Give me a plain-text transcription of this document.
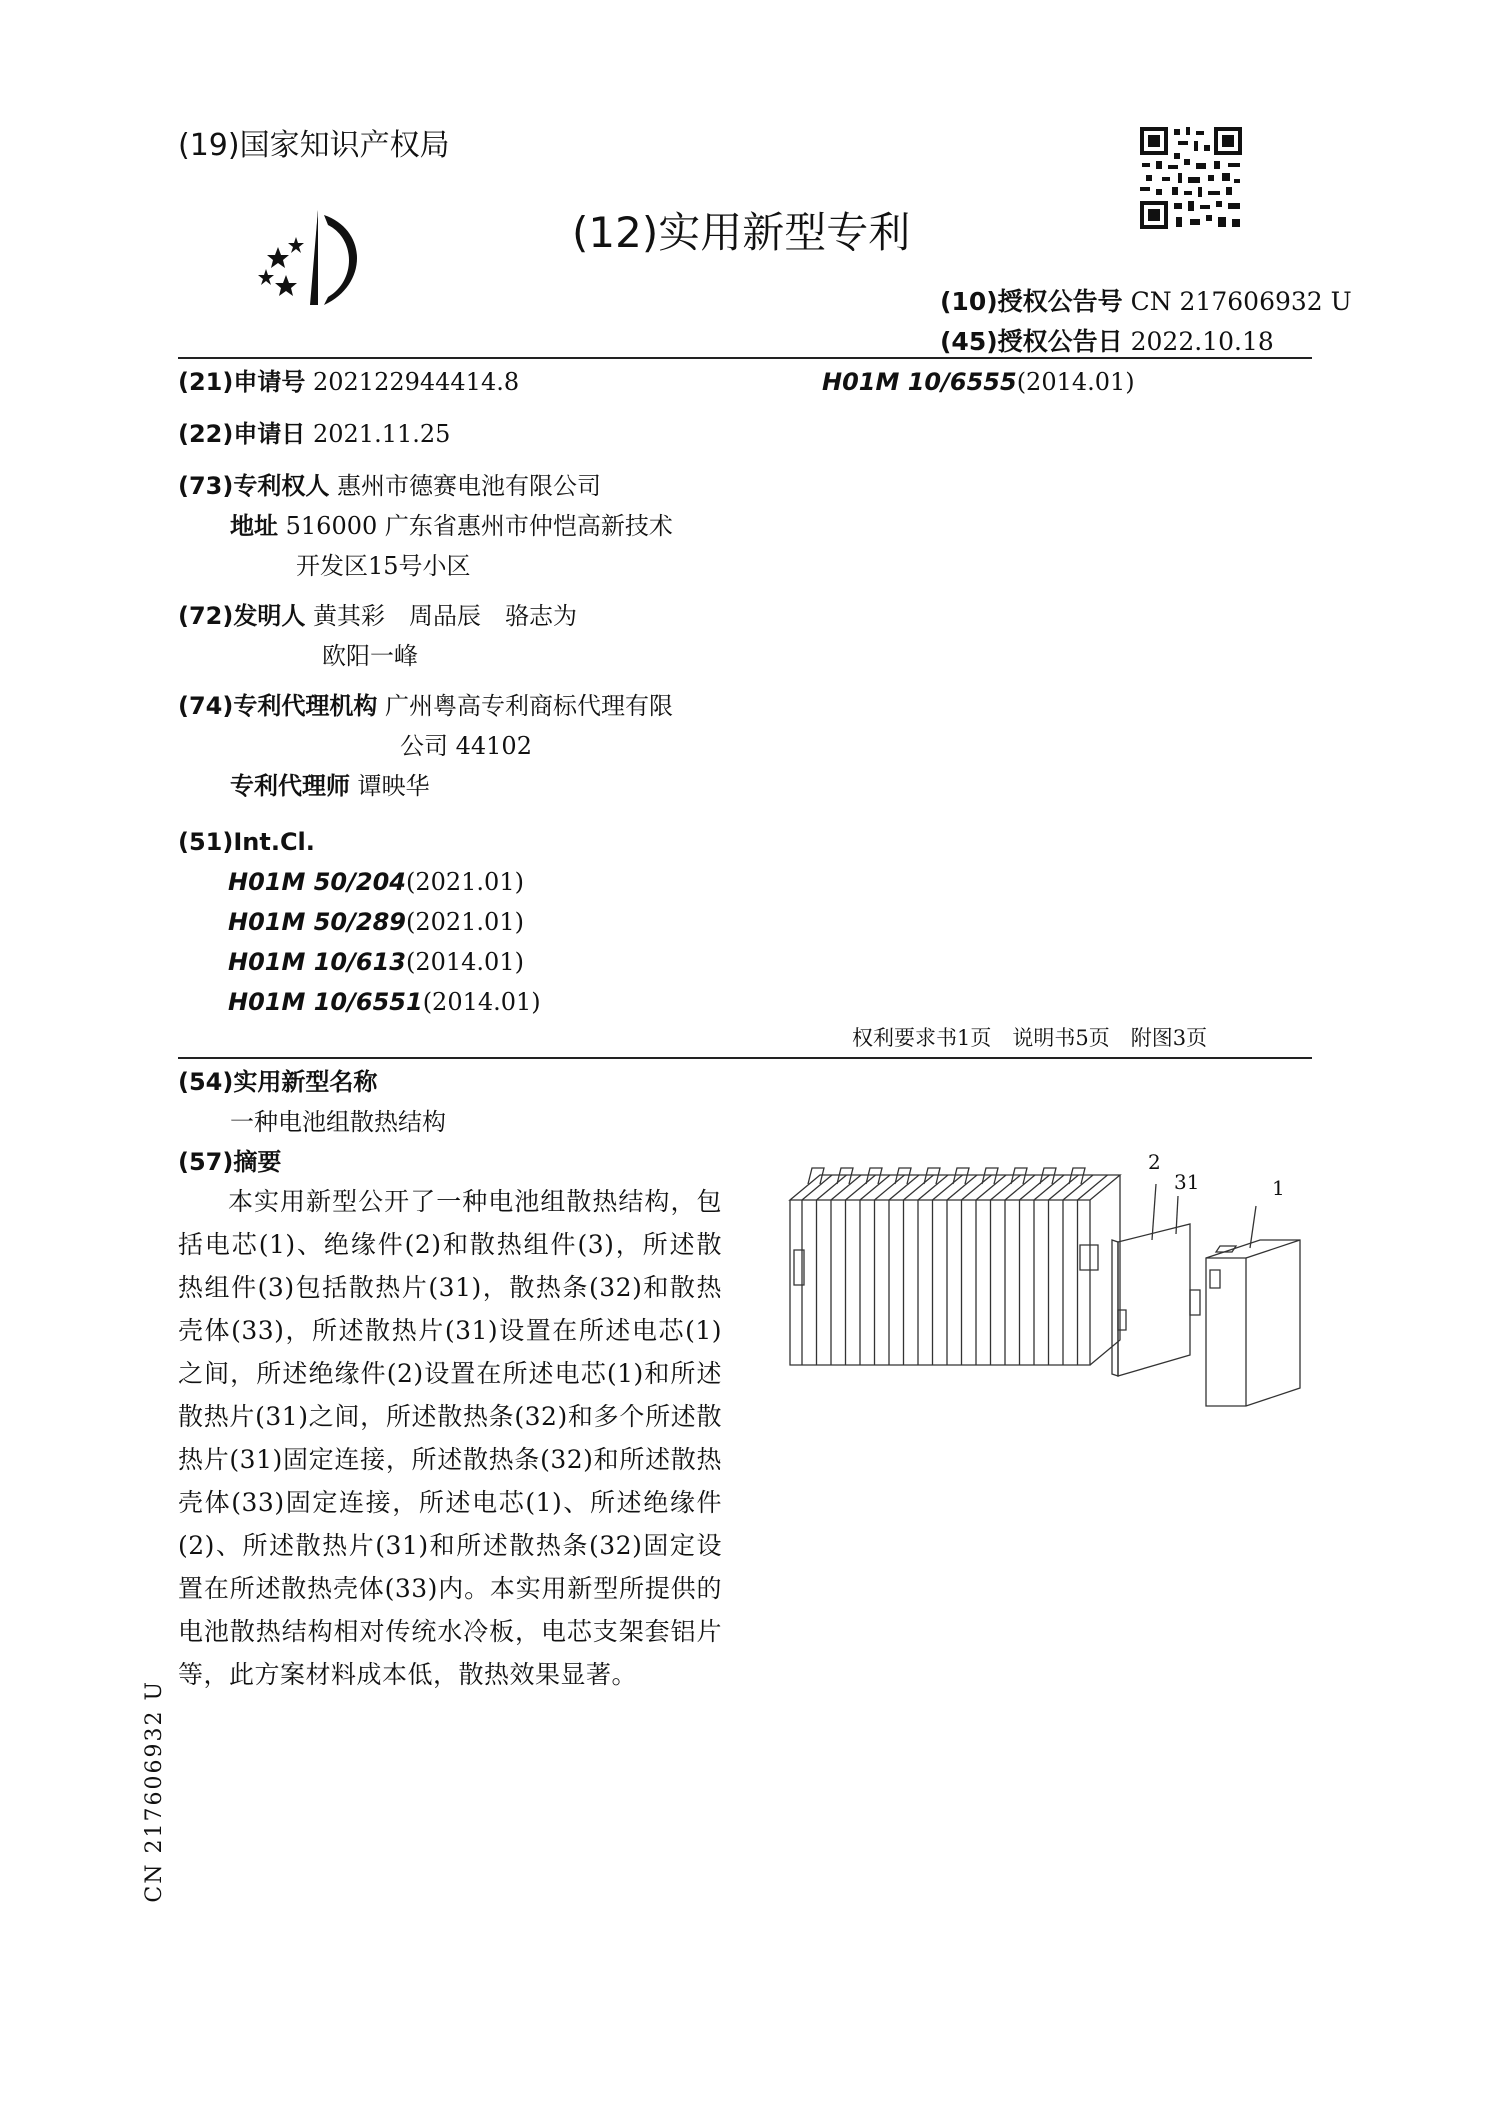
(19)国家知识产权局
(12)实用新型专利
(10)授权公告号 CN 217606932 U
(45)授权公告日 2022.10.18
(21)申请号 202122944414.8	H01M 10/6555(2014.01)
(22)申请日 2021.11.25
(73)专利权人 惠州市德赛电池有限公司
地址 516000 广东省惠州市仲恺高新技术
开发区15号小区
(72)发明人 黄其彩　周品辰　骆志为
欧阳一峰
(74)专利代理机构 广州粤高专利商标代理有限
公司 44102
专利代理师 谭映华
(51)Int.Cl.
H01M 50/204(2021.01)
H01M 50/289(2021.01)
H01M 10/613(2014.01)
H01M 10/6551(2014.01)
权利要求书1页　说明书5页　附图3页
(54)实用新型名称
一种电池组散热结构
(57)摘要
本实用新型公开了一种电池组散热结构，包括电芯(1)、绝缘件(2)和散热组件(3)，所述散热组件(3)包括散热片(31)，散热条(32)和散热壳体(33)，所述散热片(31)设置在所述电芯(1)之间，所述绝缘件(2)设置在所述电芯(1)和所述散热片(31)之间，所述散热条(32)和多个所述散热片(31)固定连接，所述散热条(32)和所述散热壳体(33)固定连接，所述电芯(1)、所述绝缘件(2)、所述散热片(31)和所述散热条(32)固定设置在所述散热壳体(33)内。本实用新型所提供的电池散热结构相对传统水冷板，电芯支架套铝片等，此方案材料成本低，散热效果显著。
2
31	1
CN 217606932 U
